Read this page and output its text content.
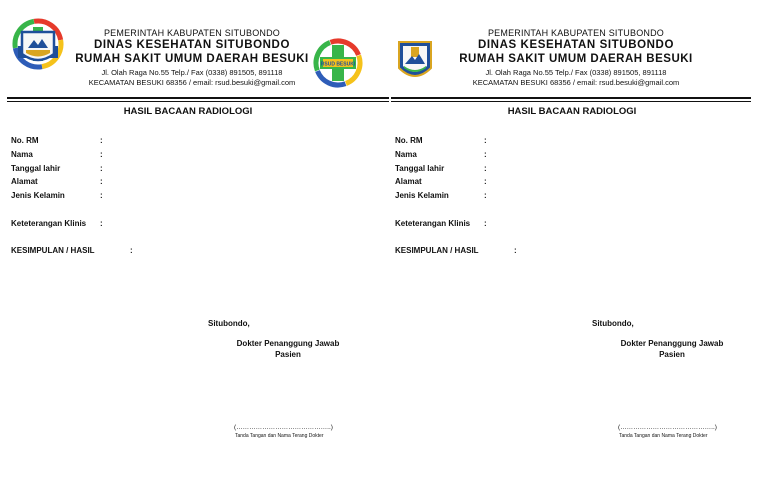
PEMERINTAH KABUPATEN SITUBONDO
DINAS KESEHATAN SITUBONDO
RUMAH SAKIT UMUM DAERAH BESUKI
Jl. Olah Raga No.55 Telp./ Fax (0338) 891505, 891118
KECAMATAN BESUKI 68356 / email: rsud.besuki@gmail.com
RSUD BESUKI
HASIL BACAAN RADIOLOGI
No. RM	:
Nama	:
Tanggal lahir	:
Alamat	:
Jenis Kelamin	:
Keteterangan Klinis :
KESIMPULAN / HASIL	:
Situbondo,
Dokter Penanggung Jawab
Pasien
(……………………………………..)
Tanda Tangan dan Nama Terang Dokter
PEMERINTAH KABUPATEN SITUBONDO
DINAS KESEHATAN SITUBONDO
RUMAH SAKIT UMUM DAERAH BESUKI
Jl. Olah Raga No.55 Telp./ Fax (0338) 891505, 891118
KECAMATAN BESUKI 68356 / email: rsud.besuki@gmail.com
HASIL BACAAN RADIOLOGI
No. RM	:
Nama	:
Tanggal lahir	:
Alamat	:
Jenis Kelamin	:
Keteterangan Klinis :
KESIMPULAN / HASIL	:
Situbondo,
Dokter Penanggung Jawab
Pasien
(……………………………………..)
Tanda Tangan dan Nama Terang Dokter
